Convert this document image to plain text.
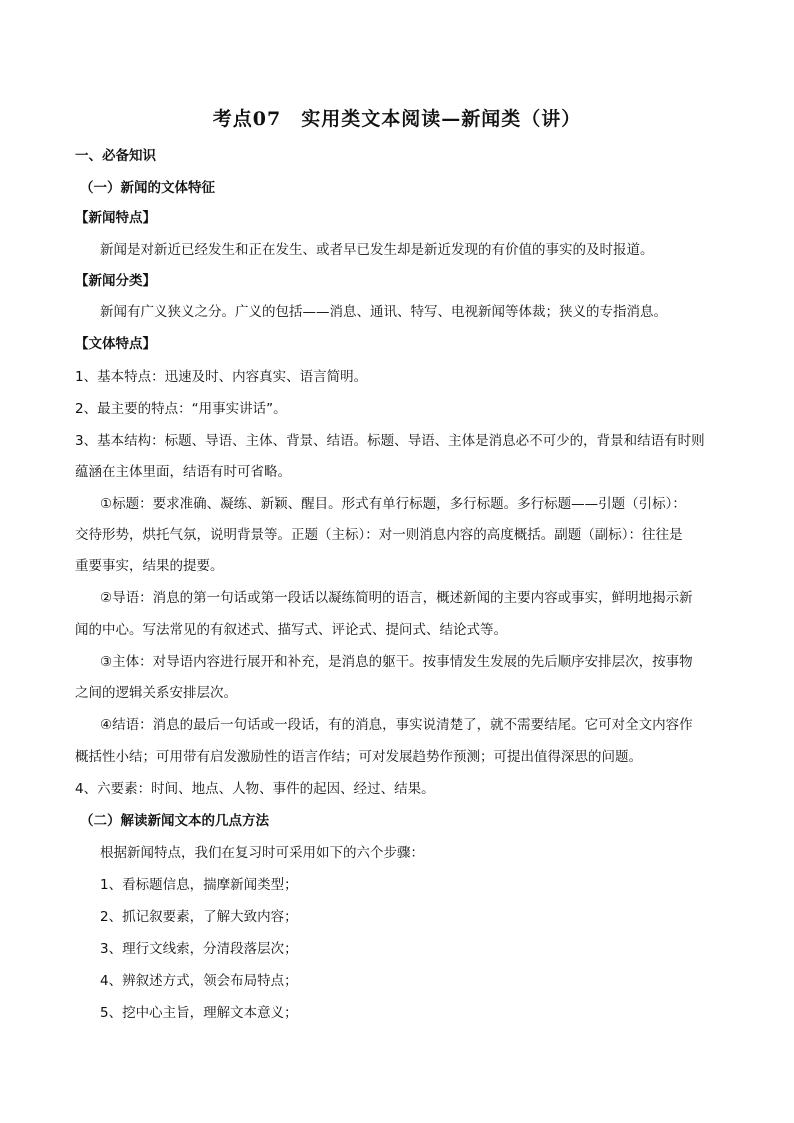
考点07　实用类文本阅读—新闻类（讲）
一、必备知识
（一）新闻的文体特征
【新闻特点】
新闻是对新近已经发生和正在发生、或者早已发生却是新近发现的有价值的事实的及时报道。
【新闻分类】
新闻有广义狭义之分。广义的包括——消息、通讯、特写、电视新闻等体裁；狭义的专指消息。
【文体特点】
1、基本特点：迅速及时、内容真实、语言简明。
2、最主要的特点：“用事实讲话”。
3、基本结构：标题、导语、主体、背景、结语。标题、导语、主体是消息必不可少的，背景和结语有时则
蕴涵在主体里面，结语有时可省略。
①标题：要求准确、凝练、新颖、醒目。形式有单行标题，多行标题。多行标题——引题（引标）：
交待形势，烘托气氛，说明背景等。正题（主标）：对一则消息内容的高度概括。副题（副标）：往往是
重要事实，结果的提要。
②导语：消息的第一句话或第一段话以凝练简明的语言，概述新闻的主要内容或事实，鲜明地揭示新
闻的中心。写法常见的有叙述式、描写式、评论式、提问式、结论式等。
③主体：对导语内容进行展开和补充，是消息的躯干。按事情发生发展的先后顺序安排层次，按事物
之间的逻辑关系安排层次。
④结语：消息的最后一句话或一段话，有的消息，事实说清楚了，就不需要结尾。它可对全文内容作
概括性小结；可用带有启发激励性的语言作结；可对发展趋势作预测；可提出值得深思的问题。
4、六要素：时间、地点、人物、事件的起因、经过、结果。
（二）解读新闻文本的几点方法
根据新闻特点，我们在复习时可采用如下的六个步骤：
1、看标题信息，揣摩新闻类型；
2、抓记叙要素，了解大致内容；
3、理行文线索，分清段落层次；
4、辨叙述方式，领会布局特点；
5、挖中心主旨，理解文本意义；
